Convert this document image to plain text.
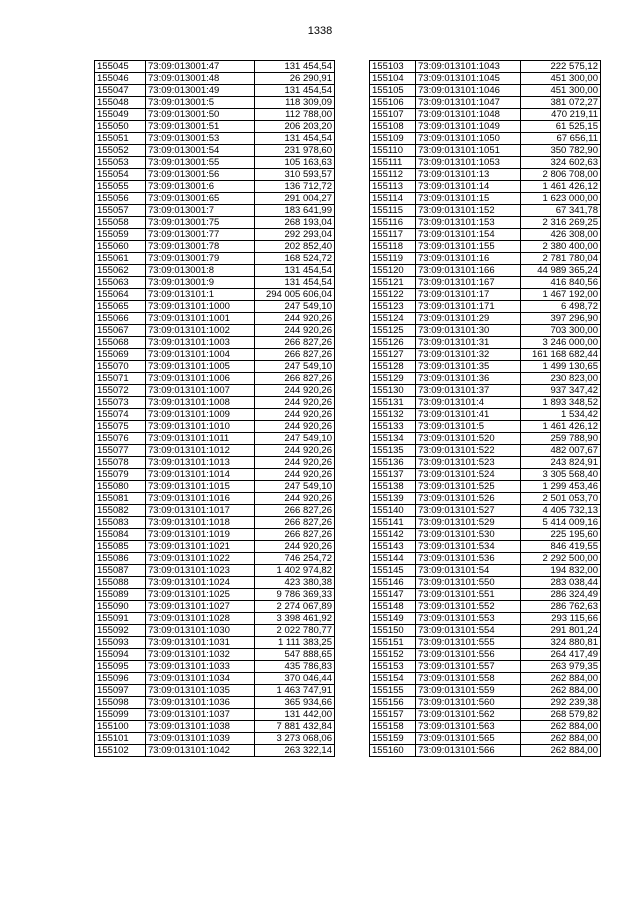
1338
155045	73:09:013001:47	131 454,54
155046	73:09:013001:48	26 290,91
155047	73:09:013001:49	131 454,54
155048	73:09:013001:5	118 309,09
155049	73:09:013001:50	112 788,00
155050	73:09:013001:51	206 203,20
155051	73:09:013001:53	131 454,54
155052	73:09:013001:54	231 978,60
155053	73:09:013001:55	105 163,63
155054	73:09:013001:56	310 593,57
155055	73:09:013001:6	136 712,72
155056	73:09:013001:65	291 004,27
155057	73:09:013001:7	183 641,99
155058	73:09:013001:75	268 193,04
155059	73:09:013001:77	292 293,04
155060	73:09:013001:78	202 852,40
155061	73:09:013001:79	168 524,72
155062	73:09:013001:8	131 454,54
155063	73:09:013001:9	131 454,54
155064	73:09:013101:1	294 005 606,04
155065	73:09:013101:1000	247 549,10
155066	73:09:013101:1001	244 920,26
155067	73:09:013101:1002	244 920,26
155068	73:09:013101:1003	266 827,26
155069	73:09:013101:1004	266 827,26
155070	73:09:013101:1005	247 549,10
155071	73:09:013101:1006	266 827,26
155072	73:09:013101:1007	244 920,26
155073	73:09:013101:1008	244 920,26
155074	73:09:013101:1009	244 920,26
155075	73:09:013101:1010	244 920,26
155076	73:09:013101:1011	247 549,10
155077	73:09:013101:1012	244 920,26
155078	73:09:013101:1013	244 920,26
155079	73:09:013101:1014	244 920,26
155080	73:09:013101:1015	247 549,10
155081	73:09:013101:1016	244 920,26
155082	73:09:013101:1017	266 827,26
155083	73:09:013101:1018	266 827,26
155084	73:09:013101:1019	266 827,26
155085	73:09:013101:1021	244 920,26
155086	73:09:013101:1022	746 254,72
155087	73:09:013101:1023	1 402 974,82
155088	73:09:013101:1024	423 380,38
155089	73:09:013101:1025	9 786 369,33
155090	73:09:013101:1027	2 274 067,89
155091	73:09:013101:1028	3 398 461,92
155092	73:09:013101:1030	2 022 780,77
155093	73:09:013101:1031	1 111 383,25
155094	73:09:013101:1032	547 888,65
155095	73:09:013101:1033	435 786,83
155096	73:09:013101:1034	370 046,44
155097	73:09:013101:1035	1 463 747,91
155098	73:09:013101:1036	365 934,66
155099	73:09:013101:1037	131 442,00
155100	73:09:013101:1038	7 881 432,84
155101	73:09:013101:1039	3 273 068,06
155102	73:09:013101:1042	263 322,14
155103	73:09:013101:1043	222 575,12
155104	73:09:013101:1045	451 300,00
155105	73:09:013101:1046	451 300,00
155106	73:09:013101:1047	381 072,27
155107	73:09:013101:1048	470 219,11
155108	73:09:013101:1049	61 525,15
155109	73:09:013101:1050	67 656,11
155110	73:09:013101:1051	350 782,90
155111	73:09:013101:1053	324 602,63
155112	73:09:013101:13	2 806 708,00
155113	73:09:013101:14	1 461 426,12
155114	73:09:013101:15	1 623 000,00
155115	73:09:013101:152	67 341,78
155116	73:09:013101:153	2 316 269,25
155117	73:09:013101:154	426 308,00
155118	73:09:013101:155	2 380 400,00
155119	73:09:013101:16	2 781 780,04
155120	73:09:013101:166	44 989 365,24
155121	73:09:013101:167	416 840,56
155122	73:09:013101:17	1 467 192,00
155123	73:09:013101:171	6 498,72
155124	73:09:013101:29	397 296,90
155125	73:09:013101:30	703 300,00
155126	73:09:013101:31	3 246 000,00
155127	73:09:013101:32	161 168 682,44
155128	73:09:013101:35	1 499 130,65
155129	73:09:013101:36	230 823,00
155130	73:09:013101:37	937 347,42
155131	73:09:013101:4	1 893 348,52
155132	73:09:013101:41	1 534,42
155133	73:09:013101:5	1 461 426,12
155134	73:09:013101:520	259 788,90
155135	73:09:013101:522	482 007,67
155136	73:09:013101:523	243 824,91
155137	73:09:013101:524	3 305 568,40
155138	73:09:013101:525	1 299 453,46
155139	73:09:013101:526	2 501 053,70
155140	73:09:013101:527	4 405 732,13
155141	73:09:013101:529	5 414 009,16
155142	73:09:013101:530	225 195,60
155143	73:09:013101:534	846 419,55
155144	73:09:013101:536	2 292 500,00
155145	73:09:013101:54	194 832,00
155146	73:09:013101:550	283 038,44
155147	73:09:013101:551	286 324,49
155148	73:09:013101:552	286 762,63
155149	73:09:013101:553	293 115,66
155150	73:09:013101:554	291 801,24
155151	73:09:013101:555	324 880,81
155152	73:09:013101:556	264 417,49
155153	73:09:013101:557	263 979,35
155154	73:09:013101:558	262 884,00
155155	73:09:013101:559	262 884,00
155156	73:09:013101:560	292 239,38
155157	73:09:013101:562	268 579,82
155158	73:09:013101:563	262 884,00
155159	73:09:013101:565	262 884,00
155160	73:09:013101:566	262 884,00
